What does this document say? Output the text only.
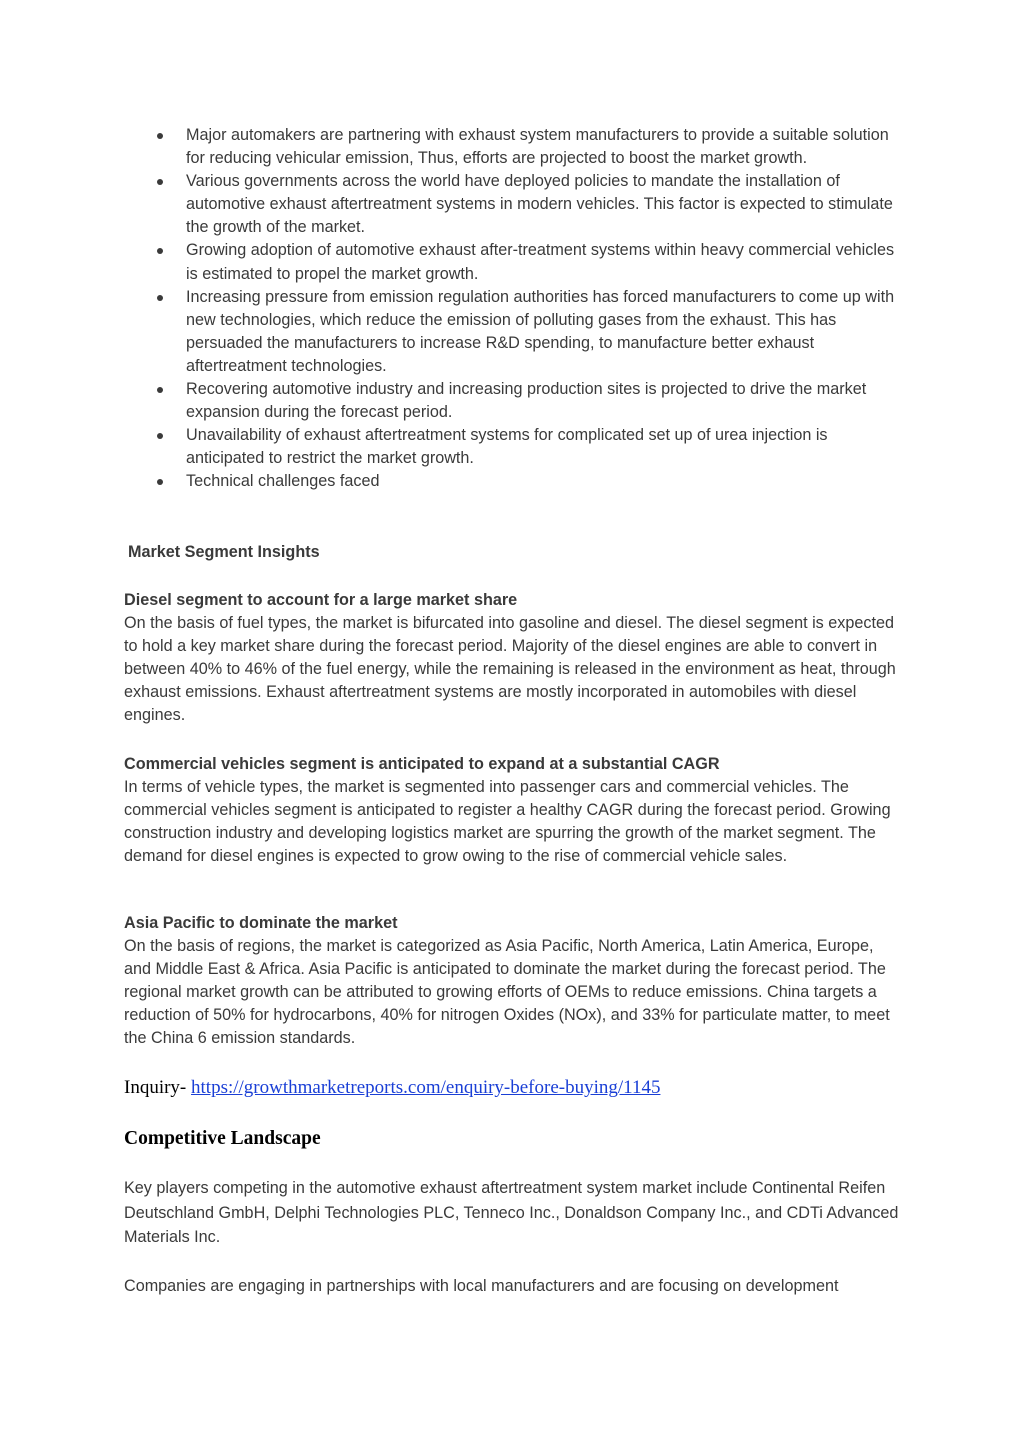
Major automakers are partnering with exhaust system manufacturers to provide a suitable solution for reducing vehicular emission, Thus, efforts are projected to boost the market growth.
Various governments across the world have deployed policies to mandate the installation of automotive exhaust aftertreatment systems in modern vehicles. This factor is expected to stimulate the growth of the market.
Growing adoption of automotive exhaust after-treatment systems within heavy commercial vehicles is estimated to propel the market growth.
Increasing pressure from emission regulation authorities has forced manufacturers to come up with new technologies, which reduce the emission of polluting gases from the exhaust. This has persuaded the manufacturers to increase R&D spending, to manufacture better exhaust aftertreatment technologies.
Recovering automotive industry and increasing production sites is projected to drive the market expansion during the forecast period.
Unavailability of exhaust aftertreatment systems for complicated set up of urea injection is anticipated to restrict the market growth.
Technical challenges faced
Market Segment Insights
Diesel segment to account for a large market share

On the basis of fuel types, the market is bifurcated into gasoline and diesel. The diesel segment is expected to hold a key market share during the forecast period. Majority of the diesel engines are able to convert in between 40% to 46% of the fuel energy, while the remaining is released in the environment as heat, through exhaust emissions. Exhaust aftertreatment systems are mostly incorporated in automobiles with diesel engines.

Commercial vehicles segment is anticipated to expand at a substantial CAGR

In terms of vehicle types, the market is segmented into passenger cars and commercial vehicles. The commercial vehicles segment is anticipated to register a healthy CAGR during the forecast period. Growing construction industry and developing logistics market are spurring the growth of the market segment. The demand for diesel engines is expected to grow owing to the rise of commercial vehicle sales.

Asia Pacific to dominate the market

On the basis of regions, the market is categorized as Asia Pacific, North America, Latin America, Europe, and Middle East & Africa. Asia Pacific is anticipated to dominate the market during the forecast period. The regional market growth can be attributed to growing efforts of OEMs to reduce emissions. China targets a reduction of 50% for hydrocarbons, 40% for nitrogen Oxides (NOx), and 33% for particulate matter, to meet the China 6 emission standards.

Inquiry- https://growthmarketreports.com/enquiry-before-buying/1145

Competitive Landscape

Key players competing in the automotive exhaust aftertreatment system market include Continental Reifen Deutschland GmbH, Delphi Technologies PLC, Tenneco Inc., Donaldson Company Inc., and CDTi Advanced Materials Inc.

Companies are engaging in partnerships with local manufacturers and are focusing on development
